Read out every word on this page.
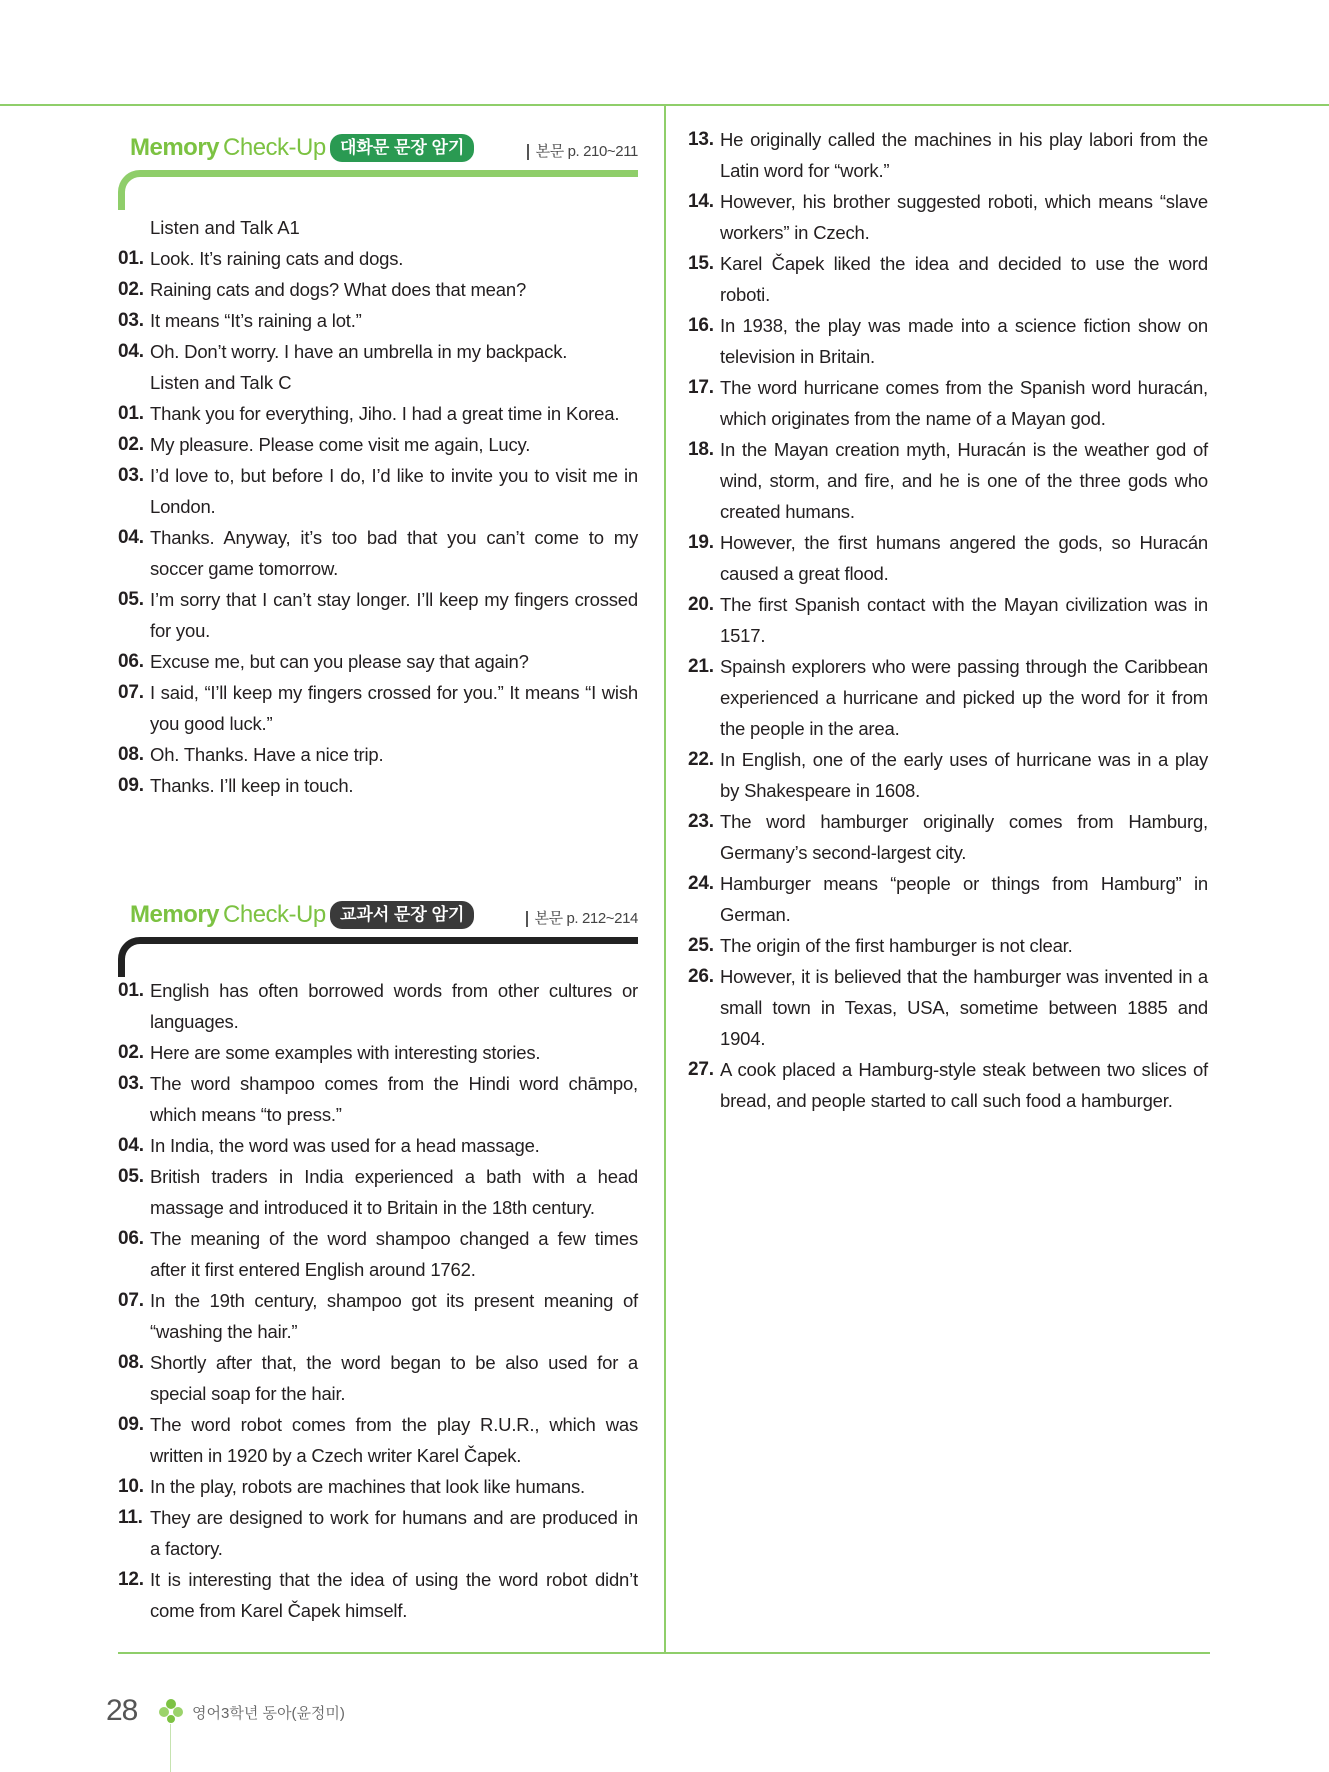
Memory Check-Up 대화문 문장 암기	본문 p. 210~211
Listen and Talk A1
01. Look. It’s raining cats and dogs.
02. Raining cats and dogs? What does that mean?
03. It means “It’s raining a lot.”
04. Oh. Don’t worry. I have an umbrella in my backpack.
Listen and Talk C
01. Thank you for everything, Jiho. I had a great time in Korea.
02. My pleasure. Please come visit me again, Lucy.
03. I’d love to, but before I do, I’d like to invite you to visit me in London.
04. Thanks. Anyway, it’s too bad that you can’t come to my soccer game tomorrow.
05. I’m sorry that I can’t stay longer. I’ll keep my fingers crossed for you.
06. Excuse me, but can you please say that again?
07. I said, “I’ll keep my fingers crossed for you.” It means “I wish you good luck.”
08. Oh. Thanks. Have a nice trip.
09. Thanks. I’ll keep in touch.
Memory Check-Up 교과서 문장 암기	본문 p. 212~214
01. English has often borrowed words from other cultures or languages.
02. Here are some examples with interesting stories.
03. The word shampoo comes from the Hindi word chāmpo, which means “to press.”
04. In India, the word was used for a head massage.
05. British traders in India experienced a bath with a head massage and introduced it to Britain in the 18th century.
06. The meaning of the word shampoo changed a few times after it first entered English around 1762.
07. In the 19th century, shampoo got its present meaning of “washing the hair.”
08. Shortly after that, the word began to be also used for a special soap for the hair.
09. The word robot comes from the play R.U.R., which was written in 1920 by a Czech writer Karel Čapek.
10. In the play, robots are machines that look like humans.
11. They are designed to work for humans and are produced in a factory.
12. It is interesting that the idea of using the word robot didn’t come from Karel Čapek himself.
13. He originally called the machines in his play labori from the Latin word for “work.”
14. However, his brother suggested roboti, which means “slave workers” in Czech.
15. Karel Čapek liked the idea and decided to use the word roboti.
16. In 1938, the play was made into a science fiction show on television in Britain.
17. The word hurricane comes from the Spanish word huracán, which originates from the name of a Mayan god.
18. In the Mayan creation myth, Huracán is the weather god of wind, storm, and fire, and he is one of the three gods who created humans.
19. However, the first humans angered the gods, so Huracán caused a great flood.
20. The first Spanish contact with the Mayan civilization was in 1517.
21. Spainsh explorers who were passing through the Caribbean experienced a hurricane and picked up the word for it from the people in the area.
22. In English, one of the early uses of hurricane was in a play by Shakespeare in 1608.
23. The word hamburger originally comes from Hamburg, Germany’s second-largest city.
24. Hamburger means “people or things from Hamburg” in German.
25. The origin of the first hamburger is not clear.
26. However, it is believed that the hamburger was invented in a small town in Texas, USA, sometime between 1885 and 1904.
27. A cook placed a Hamburg-style steak between two slices of bread, and people started to call such food a hamburger.
28	영어3학년 동아(윤정미)
